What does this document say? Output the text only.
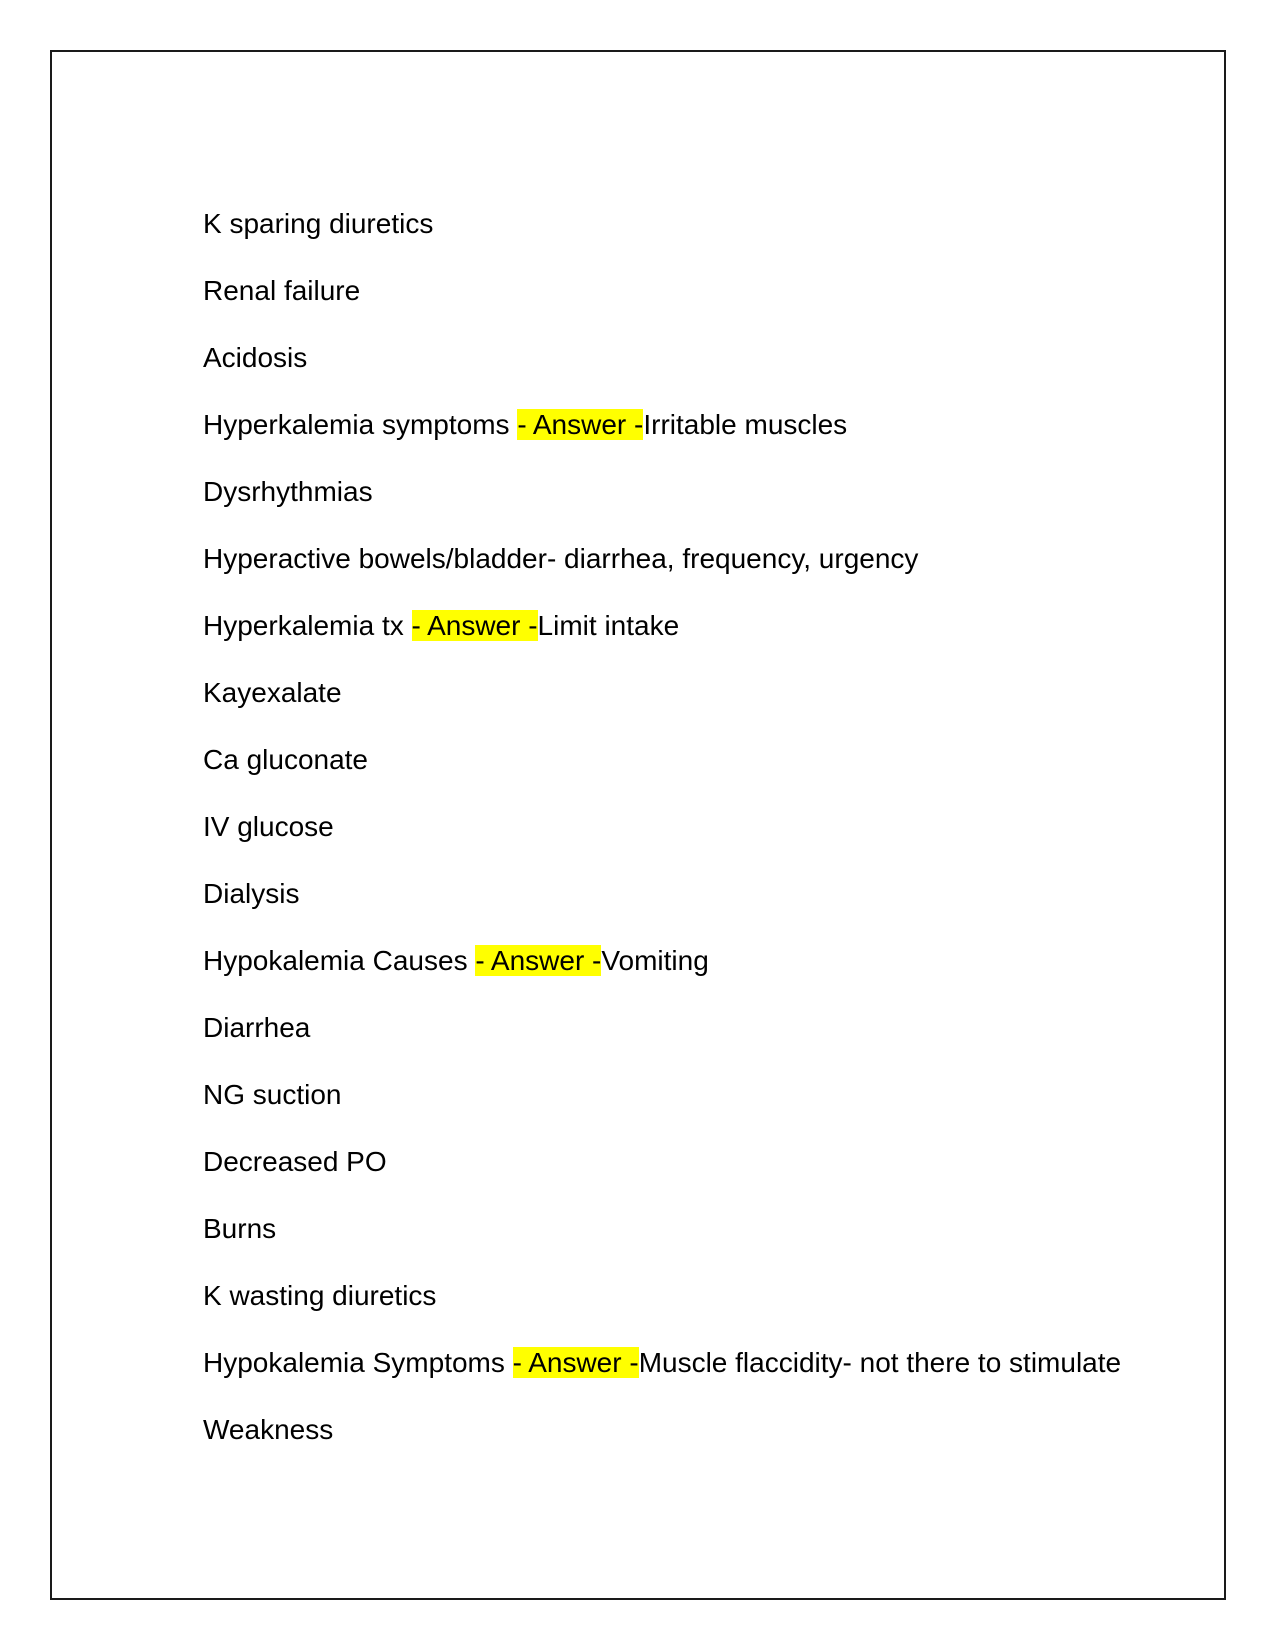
K sparing diuretics

Renal failure

Acidosis

Hyperkalemia symptoms - Answer -Irritable muscles

Dysrhythmias

Hyperactive bowels/bladder- diarrhea, frequency, urgency

Hyperkalemia tx - Answer -Limit intake

Kayexalate

Ca gluconate

IV glucose

Dialysis

Hypokalemia Causes - Answer -Vomiting

Diarrhea

NG suction

Decreased PO

Burns

K wasting diuretics

Hypokalemia Symptoms - Answer -Muscle flaccidity- not there to stimulate

Weakness
